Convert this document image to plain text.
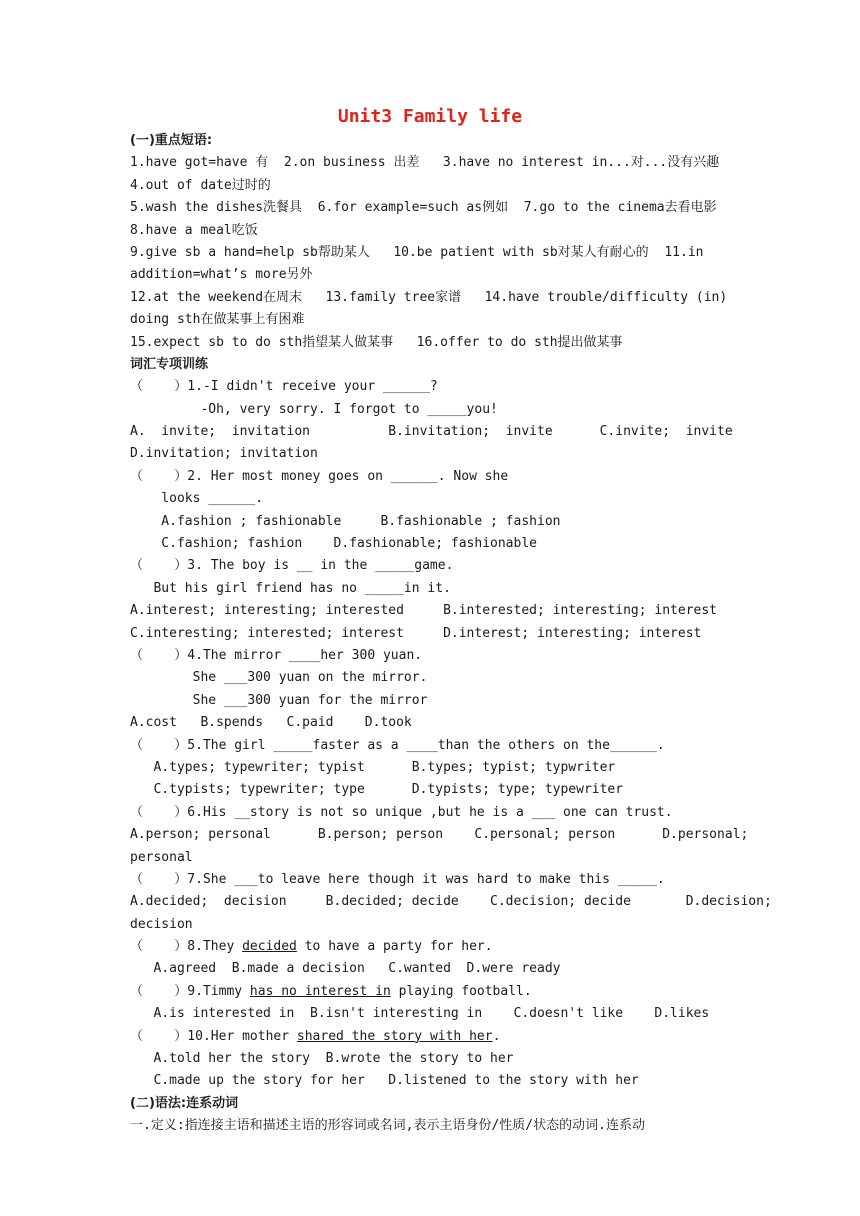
Unit3 Family life
(一)重点短语:
1.have got=have 有  2.on business 出差   3.have no interest in...对...没有兴趣
4.out of date过时的
5.wash the dishes洗餐具  6.for example=such as例如  7.go to the cinema去看电影
8.have a meal吃饭
9.give sb a hand=help sb帮助某人   10.be patient with sb对某人有耐心的  11.in
addition=what’s more另外
12.at the weekend在周末   13.family tree家谱   14.have trouble/difficulty (in)
doing sth在做某事上有困难
15.expect sb to do sth指望某人做某事   16.offer to do sth提出做某事
词汇专项训练
（    ）1.-I didn't receive your ______?
-Oh, very sorry. I forgot to _____you!
A.  invite;  invitation          B.invitation;  invite      C.invite;  invite
D.invitation; invitation
（    ）2. Her most money goes on ______. Now she
looks ______.
A.fashion ; fashionable     B.fashionable ; fashion
C.fashion; fashion    D.fashionable; fashionable
（    ）3. The boy is __ in the _____game.
But his girl friend has no _____in it.
A.interest; interesting; interested     B.interested; interesting; interest
C.interesting; interested; interest     D.interest; interesting; interest
（    ）4.The mirror ____her 300 yuan.
She ___300 yuan on the mirror.
She ___300 yuan for the mirror
A.cost   B.spends   C.paid    D.took
（    ）5.The girl _____faster as a ____than the others on the______.
A.types; typewriter; typist      B.types; typist; typwriter
C.typists; typewriter; type      D.typists; type; typewriter
（    ）6.His __story is not so unique ,but he is a ___ one can trust.
A.person; personal      B.person; person    C.personal; person      D.personal;
personal
（    ）7.She ___to leave here though it was hard to make this _____.
A.decided;  decision     B.decided; decide    C.decision; decide       D.decision;
decision
（    ）8.They decided to have a party for her.
A.agreed  B.made a decision   C.wanted  D.were ready
（    ）9.Timmy has no interest in playing football.
A.is interested in  B.isn't interesting in    C.doesn't like    D.likes
（    ）10.Her mother shared the story with her.
A.told her the story  B.wrote the story to her
C.made up the story for her   D.listened to the story with her
(二)语法:连系动词
一.定义:指连接主语和描述主语的形容词或名词,表示主语身份/性质/状态的动词.连系动
